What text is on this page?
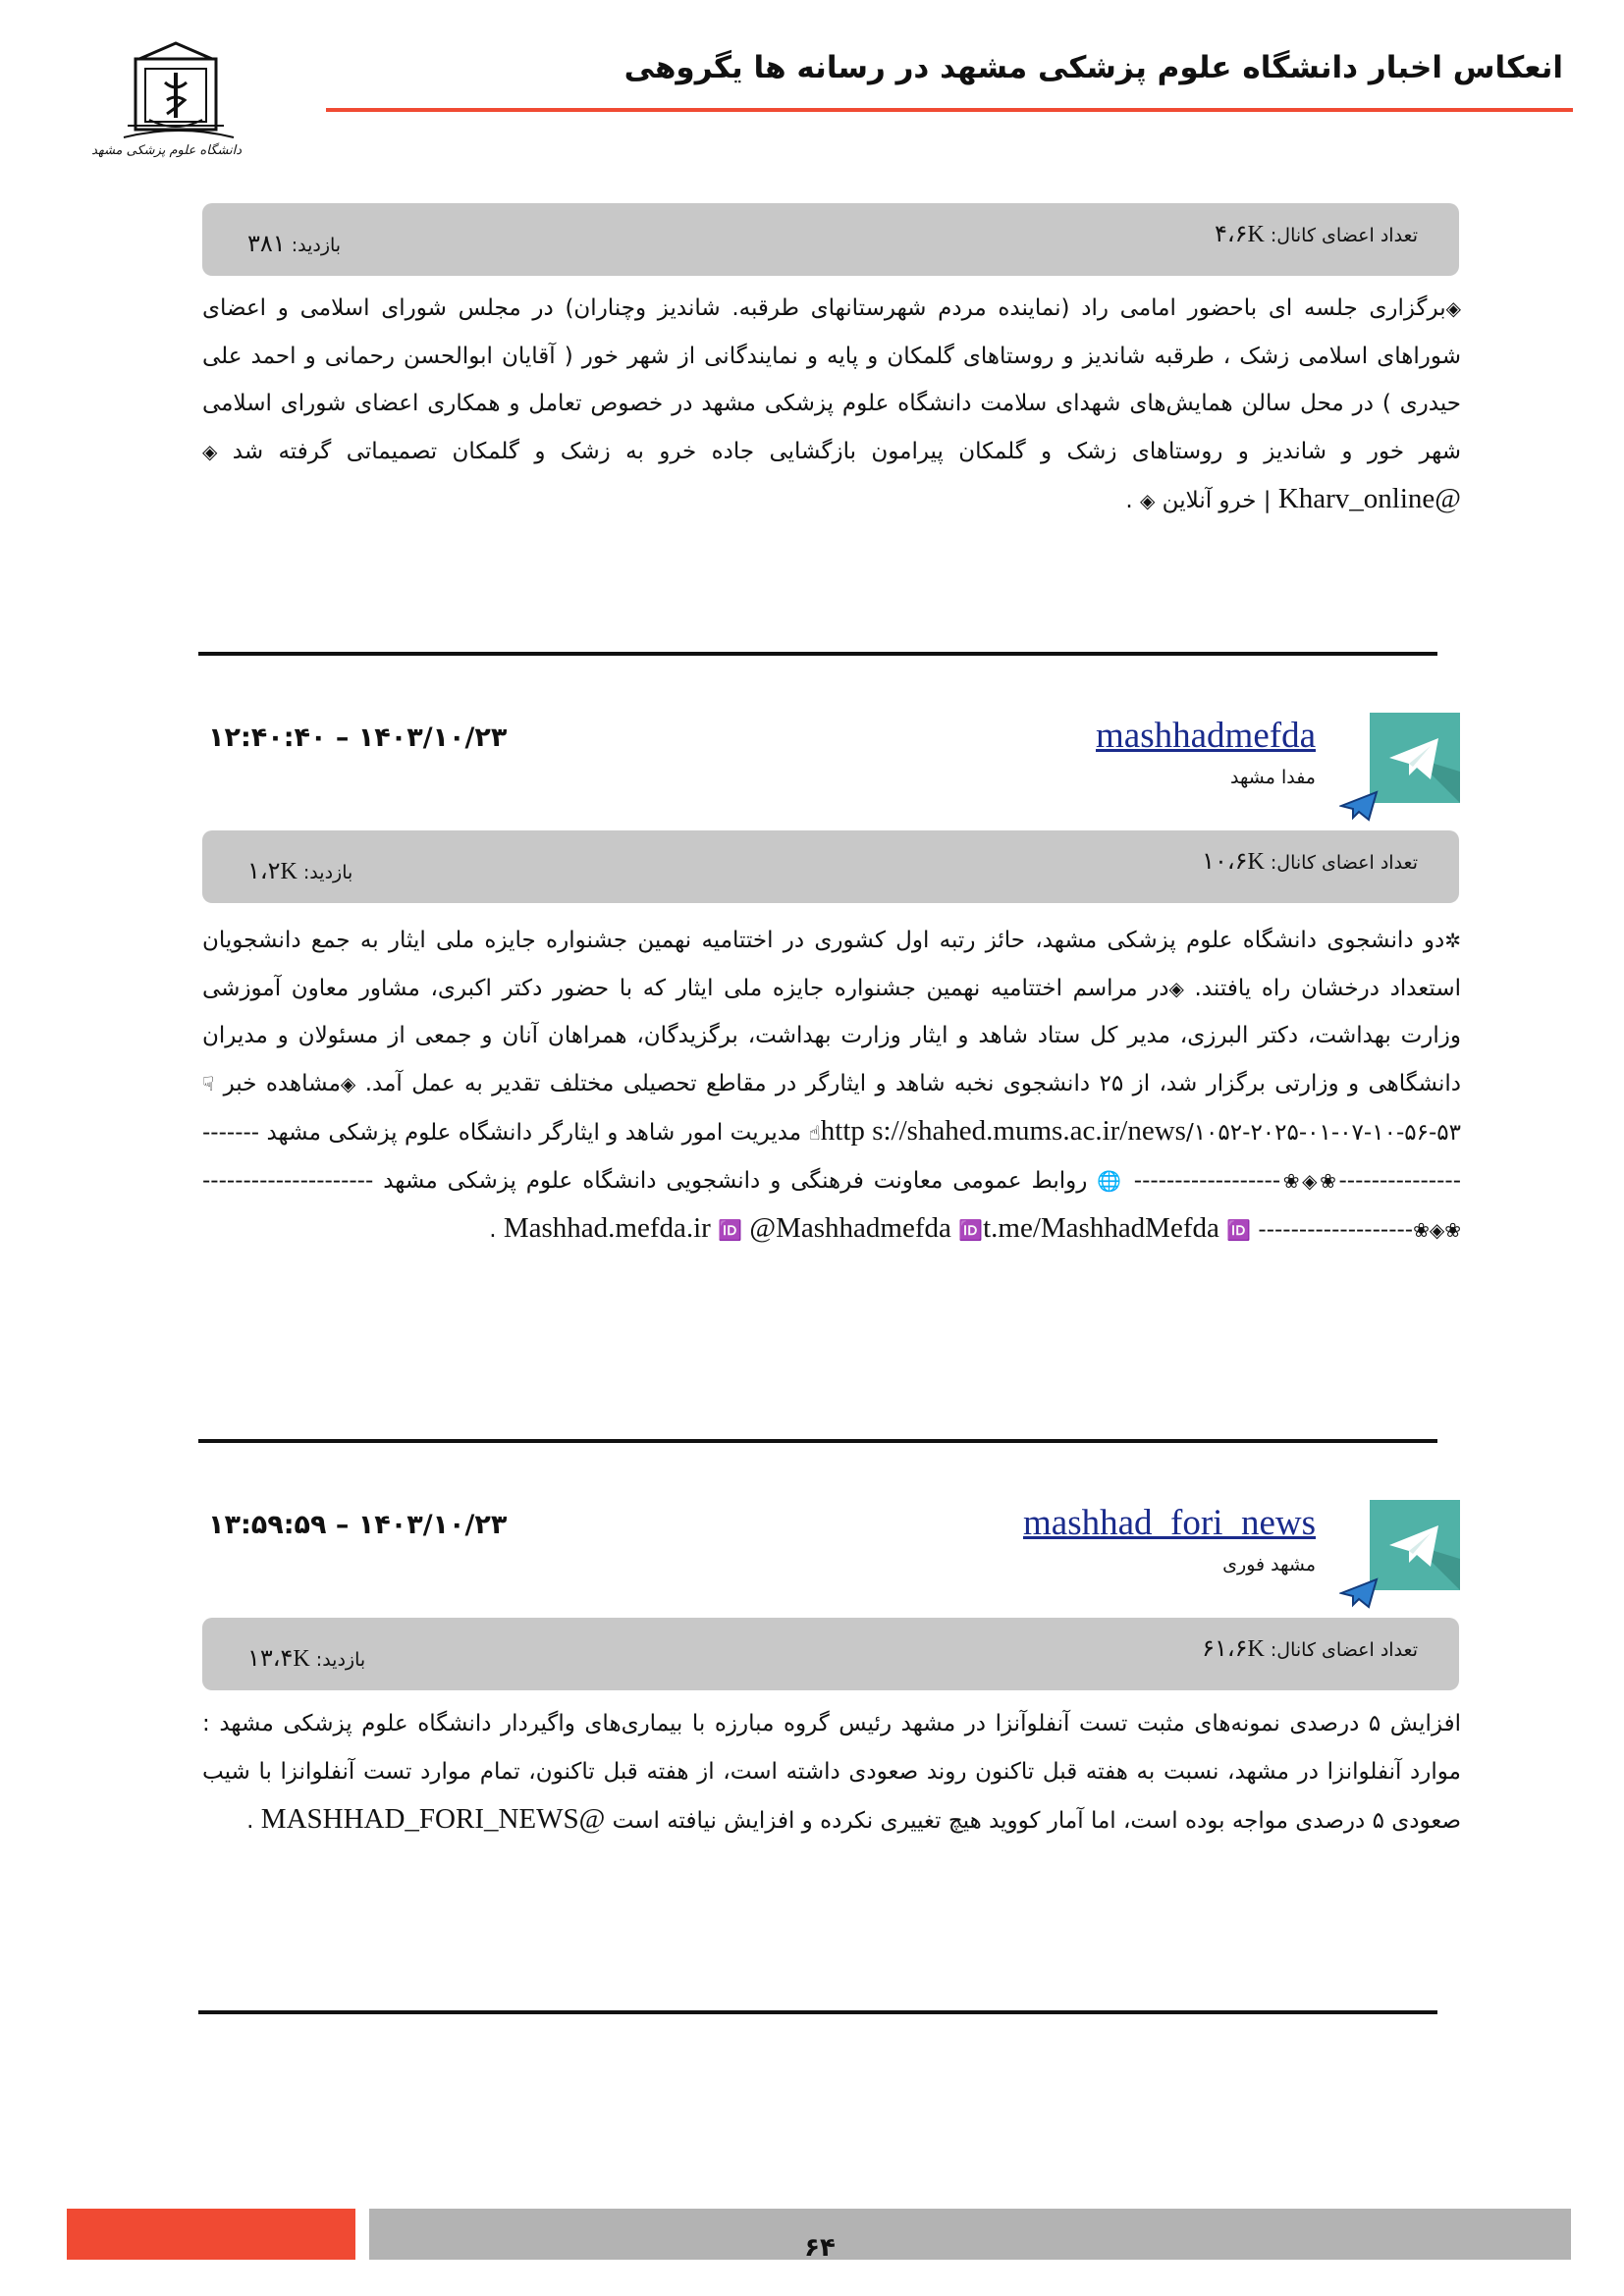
دانشگاه علوم پزشکی مشهد
انعکاس اخبار دانشگاه علوم پزشکی مشهد در رسانه ها یگروهی
تعداد اعضای کانال: ۴،۶K
بازدید: ۳۸۱

◈برگزاری جلسه ای باحضور امامی راد (نماینده مردم شهرستانهای طرقبه. شاندیز وچناران) در مجلس شورای اسلامی و اعضای شوراهای اسلامی زشک ، طرقبه شاندیز و روستاهای گلمکان و پایه و نمایندگانی از شهر خور ( آقایان ابوالحسن رحمانی و احمد علی حیدری ) در محل سالن همایش‌های شهدای سلامت دانشگاه علوم پزشکی مشهد در خصوص تعامل و همکاری اعضای شورای اسلامی شهر خور و شاندیز و روستاهای زشک و گلمکان پیرامون بازگشایی جاده خرو به زشک و گلمکان تصمیماتی گرفته شد ◈ @Kharv_online | خرو آنلاین ◈ .

mashhadmefda
مفدا مشهد
۱۲:۴۰:۴۰ – ۱۴۰۳/۱۰/۲۳
تعداد اعضای کانال: ۱۰،۶K
بازدید: ۱،۲K

✲دو دانشجوی دانشگاه علوم پزشکی مشهد، حائز رتبه اول کشوری در اختتامیه نهمین جشنواره جایزه ملی ایثار به جمع دانشجویان استعداد درخشان راه یافتند. ◈در مراسم اختتامیه نهمین جشنواره جایزه ملی ایثار که با حضور دکتر اکبری، مشاور معاون آموزشی وزارت بهداشت، دکتر البرزی، مدیر کل ستاد شاهد و ایثار وزارت بهداشت، برگزیدگان، همراهان آنان و جمعی از مسئولان و مدیران دانشگاهی و وزارتی برگزار شد، از ۲۵ دانشجوی نخبه شاهد و ایثارگر در مقاطع تحصیلی مختلف تقدیر به عمل آمد. ◈مشاهده خبر ☟ ۵۳-۵۶-۱۰-۰۷-۰۱-۲۰۲۵-۱۰۵۲/http s://shahed.mums.ac.ir/news☝ مدیریت امور شاهد و ایثارگر دانشگاه علوم پزشکی مشهد ----------------------❀◈❀------------------ 🌐 روابط عمومی معاونت فرهنگی و دانشجویی دانشگاه علوم پزشکی مشهد ---------------------❀◈❀------------------- Mashhad.mefda.ir 🆔 @Mashhadmefda 🆔t.me/MashhadMefda 🆔 .

mashhad_fori_news
مشهد فوری
۱۳:۵۹:۵۹ – ۱۴۰۳/۱۰/۲۳
تعداد اعضای کانال: ۶۱،۶K
بازدید: ۱۳،۴K

افزایش ۵ درصدی نمونه‌های مثبت تست آنفلوآنزا در مشهد رئیس گروه مبارزه با بیماری‌های واگیردار دانشگاه علوم پزشکی مشهد : موارد آنفلوانزا در مشهد، نسبت به هفته قبل تاکنون روند صعودی داشته است، از هفته قبل تاکنون، تمام موارد تست آنفلوانزا با شیب صعودی ۵ درصدی مواجه بوده است، اما آمار کووید هیچ تغییری نکرده و افزایش نیافته است @MASHHAD_FORI_NEWS .

۶۴
